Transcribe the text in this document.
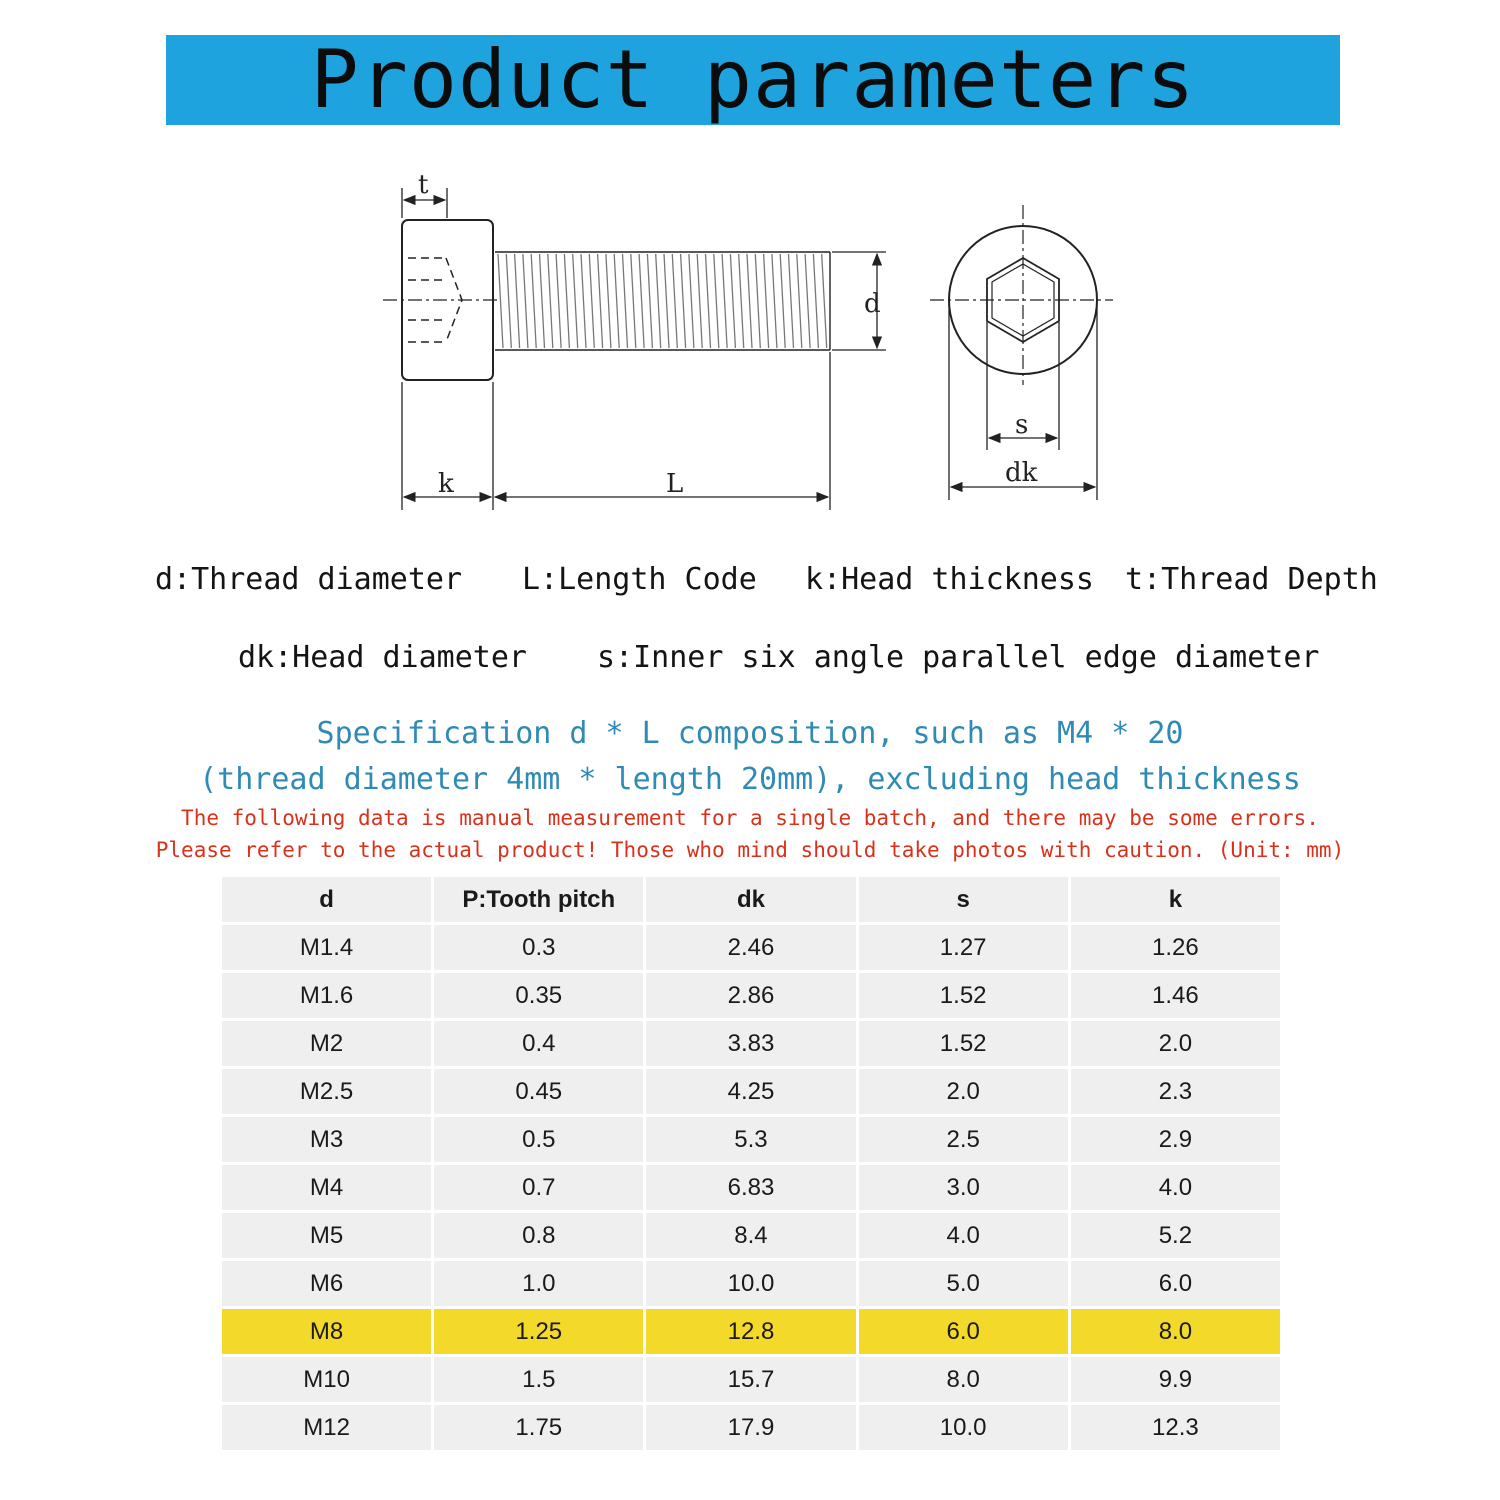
Product parameters
t
d
k	L
s
dk
d:Thread diameter L:Length Code k:Head thickness t:Thread Depth
dk:Head diameter s:Inner six angle parallel edge diameter
Specification d * L composition, such as M4 * 20
(thread diameter 4mm * length 20mm), excluding head thickness
The following data is manual measurement for a single batch, and there may be some errors.
Please refer to the actual product! Those who mind should take photos with caution. (Unit: mm)
d	P:Tooth pitch	dk	s	k
M1.4	0.3	2.46	1.27	1.26
M1.6	0.35	2.86	1.52	1.46
M2	0.4	3.83	1.52	2.0
M2.5	0.45	4.25	2.0	2.3
M3	0.5	5.3	2.5	2.9
M4	0.7	6.83	3.0	4.0
M5	0.8	8.4	4.0	5.2
M6	1.0	10.0	5.0	6.0
M8	1.25	12.8	6.0	8.0
M10	1.5	15.7	8.0	9.9
M12	1.75	17.9	10.0	12.3
